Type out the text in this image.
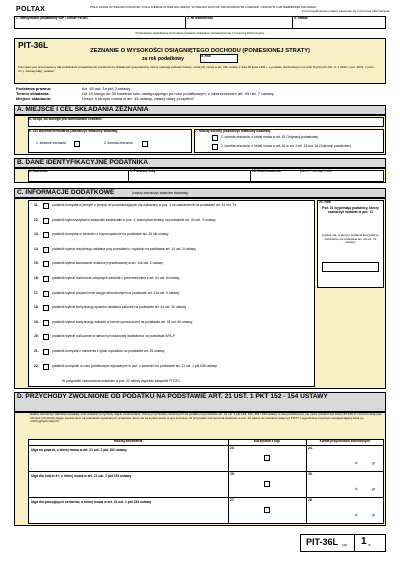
POLTAX	POLA JASNE WYPEŁNIA PODATNIK. POLA CIEMNE WYPEŁNIA URZĄD. WYPEŁNIĆ DUŻYMI, DRUKOWANYMI LITERAMI, CZARNYM LUB NIEBIESKIM KOLOREM.
Przed wypełnieniem należy zapoznać się z broszurą informacyjną.
1. Identyfikator podatkowy NIP / numer PESEL	2. Nr dokumentu	3. Status
Przeważone wypełnienie formularza zostanie wskazane zaznaczone się z broszurą informacyjną.
PIT-36L
ZEZNANIE O WYSOKOŚCI OSIĄGNIĘTEGO DOCHODU (PONIESIONEJ STRATY)
za rok podatkowy
4. Rok
Formularz jest przeznaczony dla podatników prowadzących pozarolniczą działalność gospodarczą, którzy opłacają podatek liniowy, o których mowa w art. 30c ustawy z dnia 26 lipca 1991 r. o podatku dochodowym od osób fizycznych (Dz. U. z 2022 r. poz. 2647, z późn. zm.), zwanej dalej „ustawą”.
Podstawa prawna:	Art. 45 ust. 1a pkt 2 ustawy.
Termin składania:	Od 15 lutego do 30 kwietnia roku następującego po roku podatkowym, z zastrzeżeniem art. 45 ust. 7 ustawy.
Miejsce składania:	Urząd, o którym mowa w art. 45 ustawy, zwany dalej „urzędem”.
A. MIEJSCE I CEL SKŁADANIA ZEZNANIA
5. Urząd, do którego jest adresowane zeznanie
6. Cel złożenia formularza (zaznaczyć właściwy kwadrat):
1. złożenie zeznania	2. korekta zeznania
7. Rodzaj korekty (zaznaczyć właściwy kwadrat):
1. korekta zeznania, o której mowa w art. 81 Ordynacji podatkowej
2. korekta zeznania, o której mowa w art. 81 w zw. z art. 15 ust. 1a Ordynacji podatkowej
B. DANE IDENTYFIKACYJNE PODATNIKA
8. Nazwisko	9. Pierwsze imię	10. Data urodzenia	(dzień - miesiąc - rok)
C. INFORMACJE DODATKOWE	(należy zaznaczyć właściwe kwadraty):
11.	podatnik korzystał w jednym z pozycji od poczwarzających się wykazany w poz. 4 za zaznaczenie na podstawie art. 44 ust. 7a
12.	podatnik wykorzystywał w wskaźniki zasiedziałe w poz. 4, dokonywał zmiany na podstawie art. 44 ust. 7f ustawy
13.	podatnik korzystał w zwolnień z rozporządzenia na podstawie art. 26 lub ustawy
14.	podatnik wybrał rezydencję ustalana przy pozwalaniu i wydaniu na podstawie art. 14 ust. 1l ustawy
15.	podatnik wybrał stosowanie ustalonej ryczałtowanej w art. 14b ust. 2 ustawy
16.	podatnik wybrał rozliczanie odrębnych zaliczek z przeniesieniem z art. 44 ust. 6i ustawy
17.	podatnik wybrał przywrócenie księgi rachunkowych na podstawie art. 24a ust. 5 ustawy
18.	podatnik wybrał kontynuację sposobu ustalania zaliczek na podstawie art. 44 ust. 3h ustawy
19.	podatnik wybrał kontynuację zaliczek w formie uproszczonej na podstawie art. 44 ust. 6b ustawy
20.	podatnik wybrał rozliczanie w ramach prowadzonej działalności na podstawie APA-P
21.	podatnik korzystał z obniżenia z tytułu wydatków na podstawie art. 26 ustawy
22.	podatnik korzystał, w roku podatkowym wykazanym w poz. 4 zwolnień na podstawie art. 21 ust. 1 pkt 63b ustawy
W przypadku zaznaczenia kwadratu w poz. 22 należy wypełnić załącznik PIT/ZG.
21. Rok
Poz. 21 wypełniają podatnicy, którzy zaznaczyli kwadrat w poz. 11
(podać rok, w którym podatnik korzystał po zwolnieniu na podstawie art. 44 ust. 7a ustawy)
D. PRZYCHODY ZWOLNIONE OD PODATKU NA PODSTAWIE ART. 21 UST. 1 PKT 152 - 154 USTAWY
Należy zaznaczyć właściwe kwadraty oraz wskazać przychody objęte zwolnieniami. Suma przychodów zwolnionych od podatku na podstawie art. 21 ust. 1 pkt 148, 152, 153 i 154 ustawy w roku podatkowym nie może przekroczyć kwoty 85 528 zł. Limit ten obejmuje również przychody objęte zwolnieniem na podstawie wykazanych przepisów, które nie są wykazywane w tym zeznaniu. W przypadku zaznaczenia kwadratu w poz. 24 należy do zeznania dołączyć PIT/O z wypełnioną częścią E uwzględniającą daną po roztrzygnięciu danych.
Rodzaj zwolnienia	Korzystam z ulgi	Kwota przychodów zwolnionych
Ulga na powrót, o której mowa w art. 21 ust. 1 pkt 152 ustawy	23.	24.
zł	gr
Ulga dla rodzin 4+, o której mowa w art. 21 ust. 1 pkt 153 ustawy	25.	26.
zł	gr
Ulga dla pracujących seniorów, o której mowa w art. 21 ust. 1 pkt 154 ustawy	27.	28.
zł	gr
PIT-36L (30) 1 /6
